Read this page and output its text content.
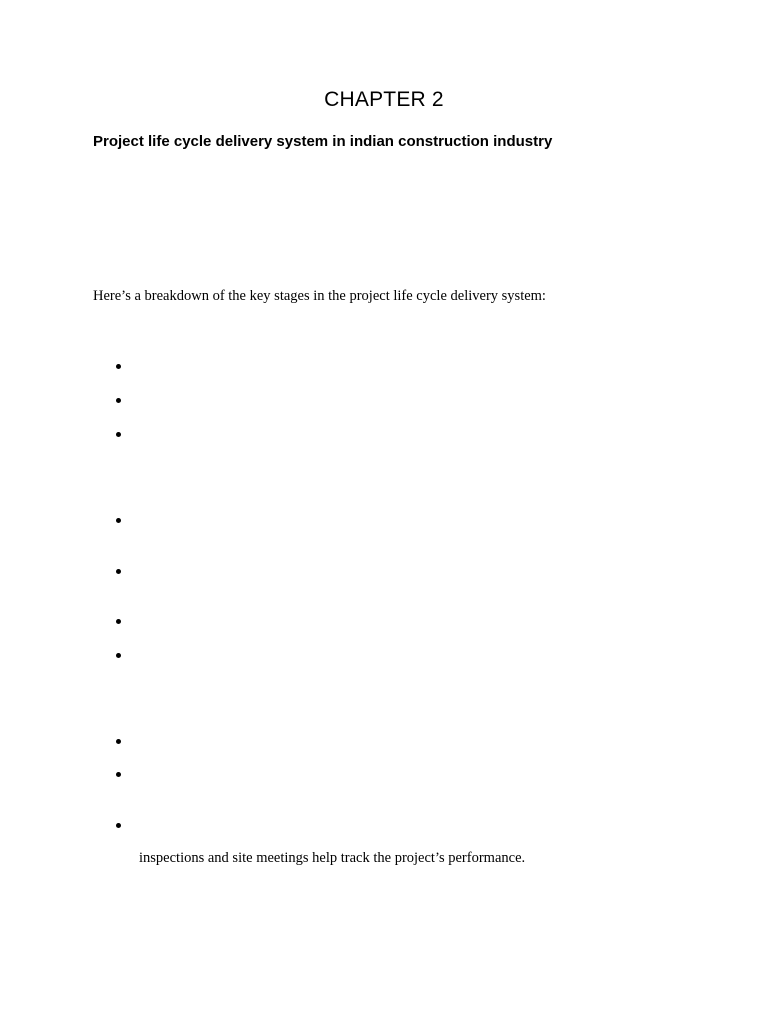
CHAPTER 2
Project life cycle delivery system in indian construction industry
Here’s a breakdown of the key stages in the project life cycle delivery system:
inspections and site meetings help track the project’s performance.
